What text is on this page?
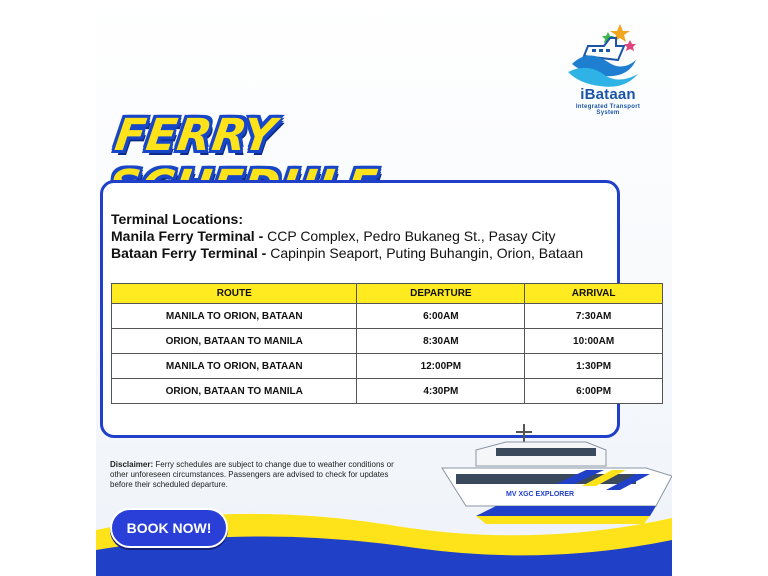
iBataan
Integrated Transport System
FERRY
Terminal Locations:
Manila Ferry Terminal - CCP Complex, Pedro Bukaneg St., Pasay City
Bataan Ferry Terminal - Capinpin Seaport, Puting Buhangin, Orion, Bataan
ROUTE	DEPARTURE	ARRIVAL
MANILA TO ORION, BATAAN	6:00AM	7:30AM
ORION, BATAAN TO MANILA	8:30AM	10:00AM
MANILA TO ORION, BATAAN	12:00PM	1:30PM
ORION, BATAAN TO MANILA	4:30PM	6:00PM
Disclaimer: Ferry schedules are subject to change due to weather conditions or other unforeseen circumstances. Passengers are advised to check for updates before their scheduled departure.
MV XGC EXPLORER
BOOK NOW!
